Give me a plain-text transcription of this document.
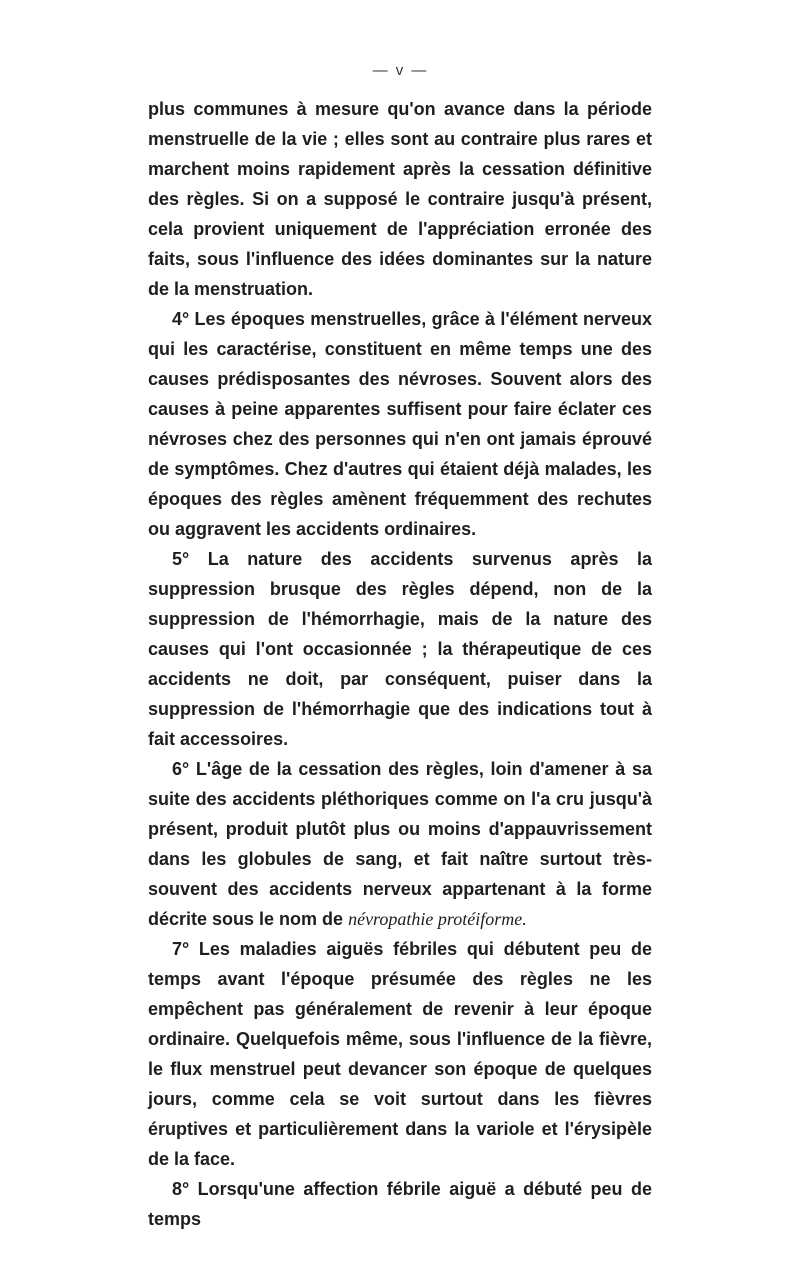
— v —

plus communes à mesure qu'on avance dans la période menstruelle de la vie ; elles sont au contraire plus rares et marchent moins rapidement après la cessation définitive des règles. Si on a supposé le contraire jusqu'à présent, cela provient uniquement de l'appréciation erronée des faits, sous l'influence des idées dominantes sur la nature de la menstruation.

4° Les époques menstruelles, grâce à l'élément nerveux qui les caractérise, constituent en même temps une des causes prédisposantes des névroses. Souvent alors des causes à peine apparentes suffisent pour faire éclater ces névroses chez des personnes qui n'en ont jamais éprouvé de symptômes. Chez d'autres qui étaient déjà malades, les époques des règles amènent fréquemment des rechutes ou aggravent les accidents ordinaires.

5° La nature des accidents survenus après la suppression brusque des règles dépend, non de la suppression de l'hémorrhagie, mais de la nature des causes qui l'ont occasionnée ; la thérapeutique de ces accidents ne doit, par conséquent, puiser dans la suppression de l'hémorrhagie que des indications tout à fait accessoires.

6° L'âge de la cessation des règles, loin d'amener à sa suite des accidents pléthoriques comme on l'a cru jusqu'à présent, produit plutôt plus ou moins d'appauvrissement dans les globules de sang, et fait naître surtout très-souvent des accidents nerveux appartenant à la forme décrite sous le nom de névropathie protéiforme.

7° Les maladies aiguës fébriles qui débutent peu de temps avant l'époque présumée des règles ne les empêchent pas généralement de revenir à leur époque ordinaire. Quelquefois même, sous l'influence de la fièvre, le flux menstruel peut devancer son époque de quelques jours, comme cela se voit surtout dans les fièvres éruptives et particulièrement dans la variole et l'érysipèle de la face.

8° Lorsqu'une affection fébrile aiguë a débuté peu de temps
